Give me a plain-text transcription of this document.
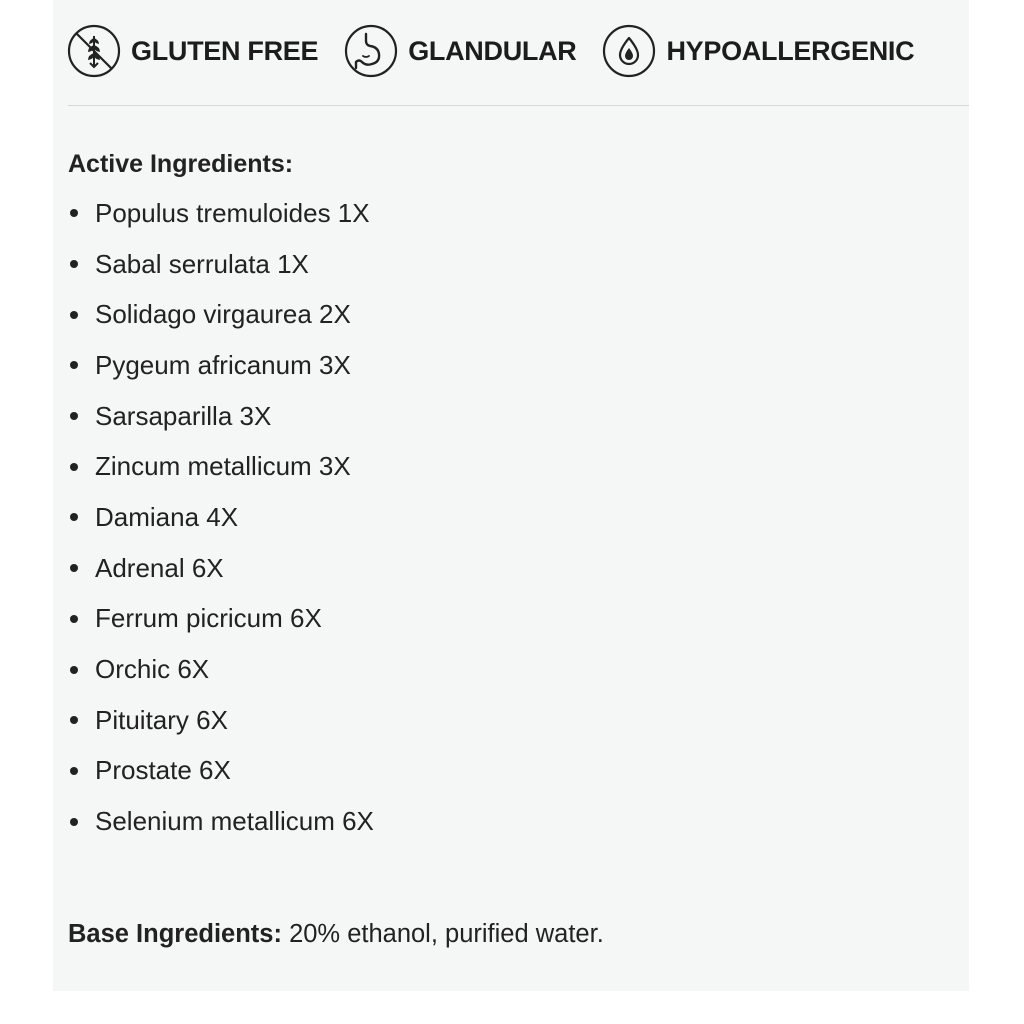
GLUTEN FREE	GLANDULAR	HYPOALLERGENIC
Active Ingredients:
Populus tremuloides 1X
Sabal serrulata 1X
Solidago virgaurea 2X
Pygeum africanum 3X
Sarsaparilla 3X
Zincum metallicum 3X
Damiana 4X
Adrenal 6X
Ferrum picricum 6X
Orchic 6X
Pituitary 6X
Prostate 6X
Selenium metallicum 6X
Base Ingredients: 20% ethanol, purified water.
